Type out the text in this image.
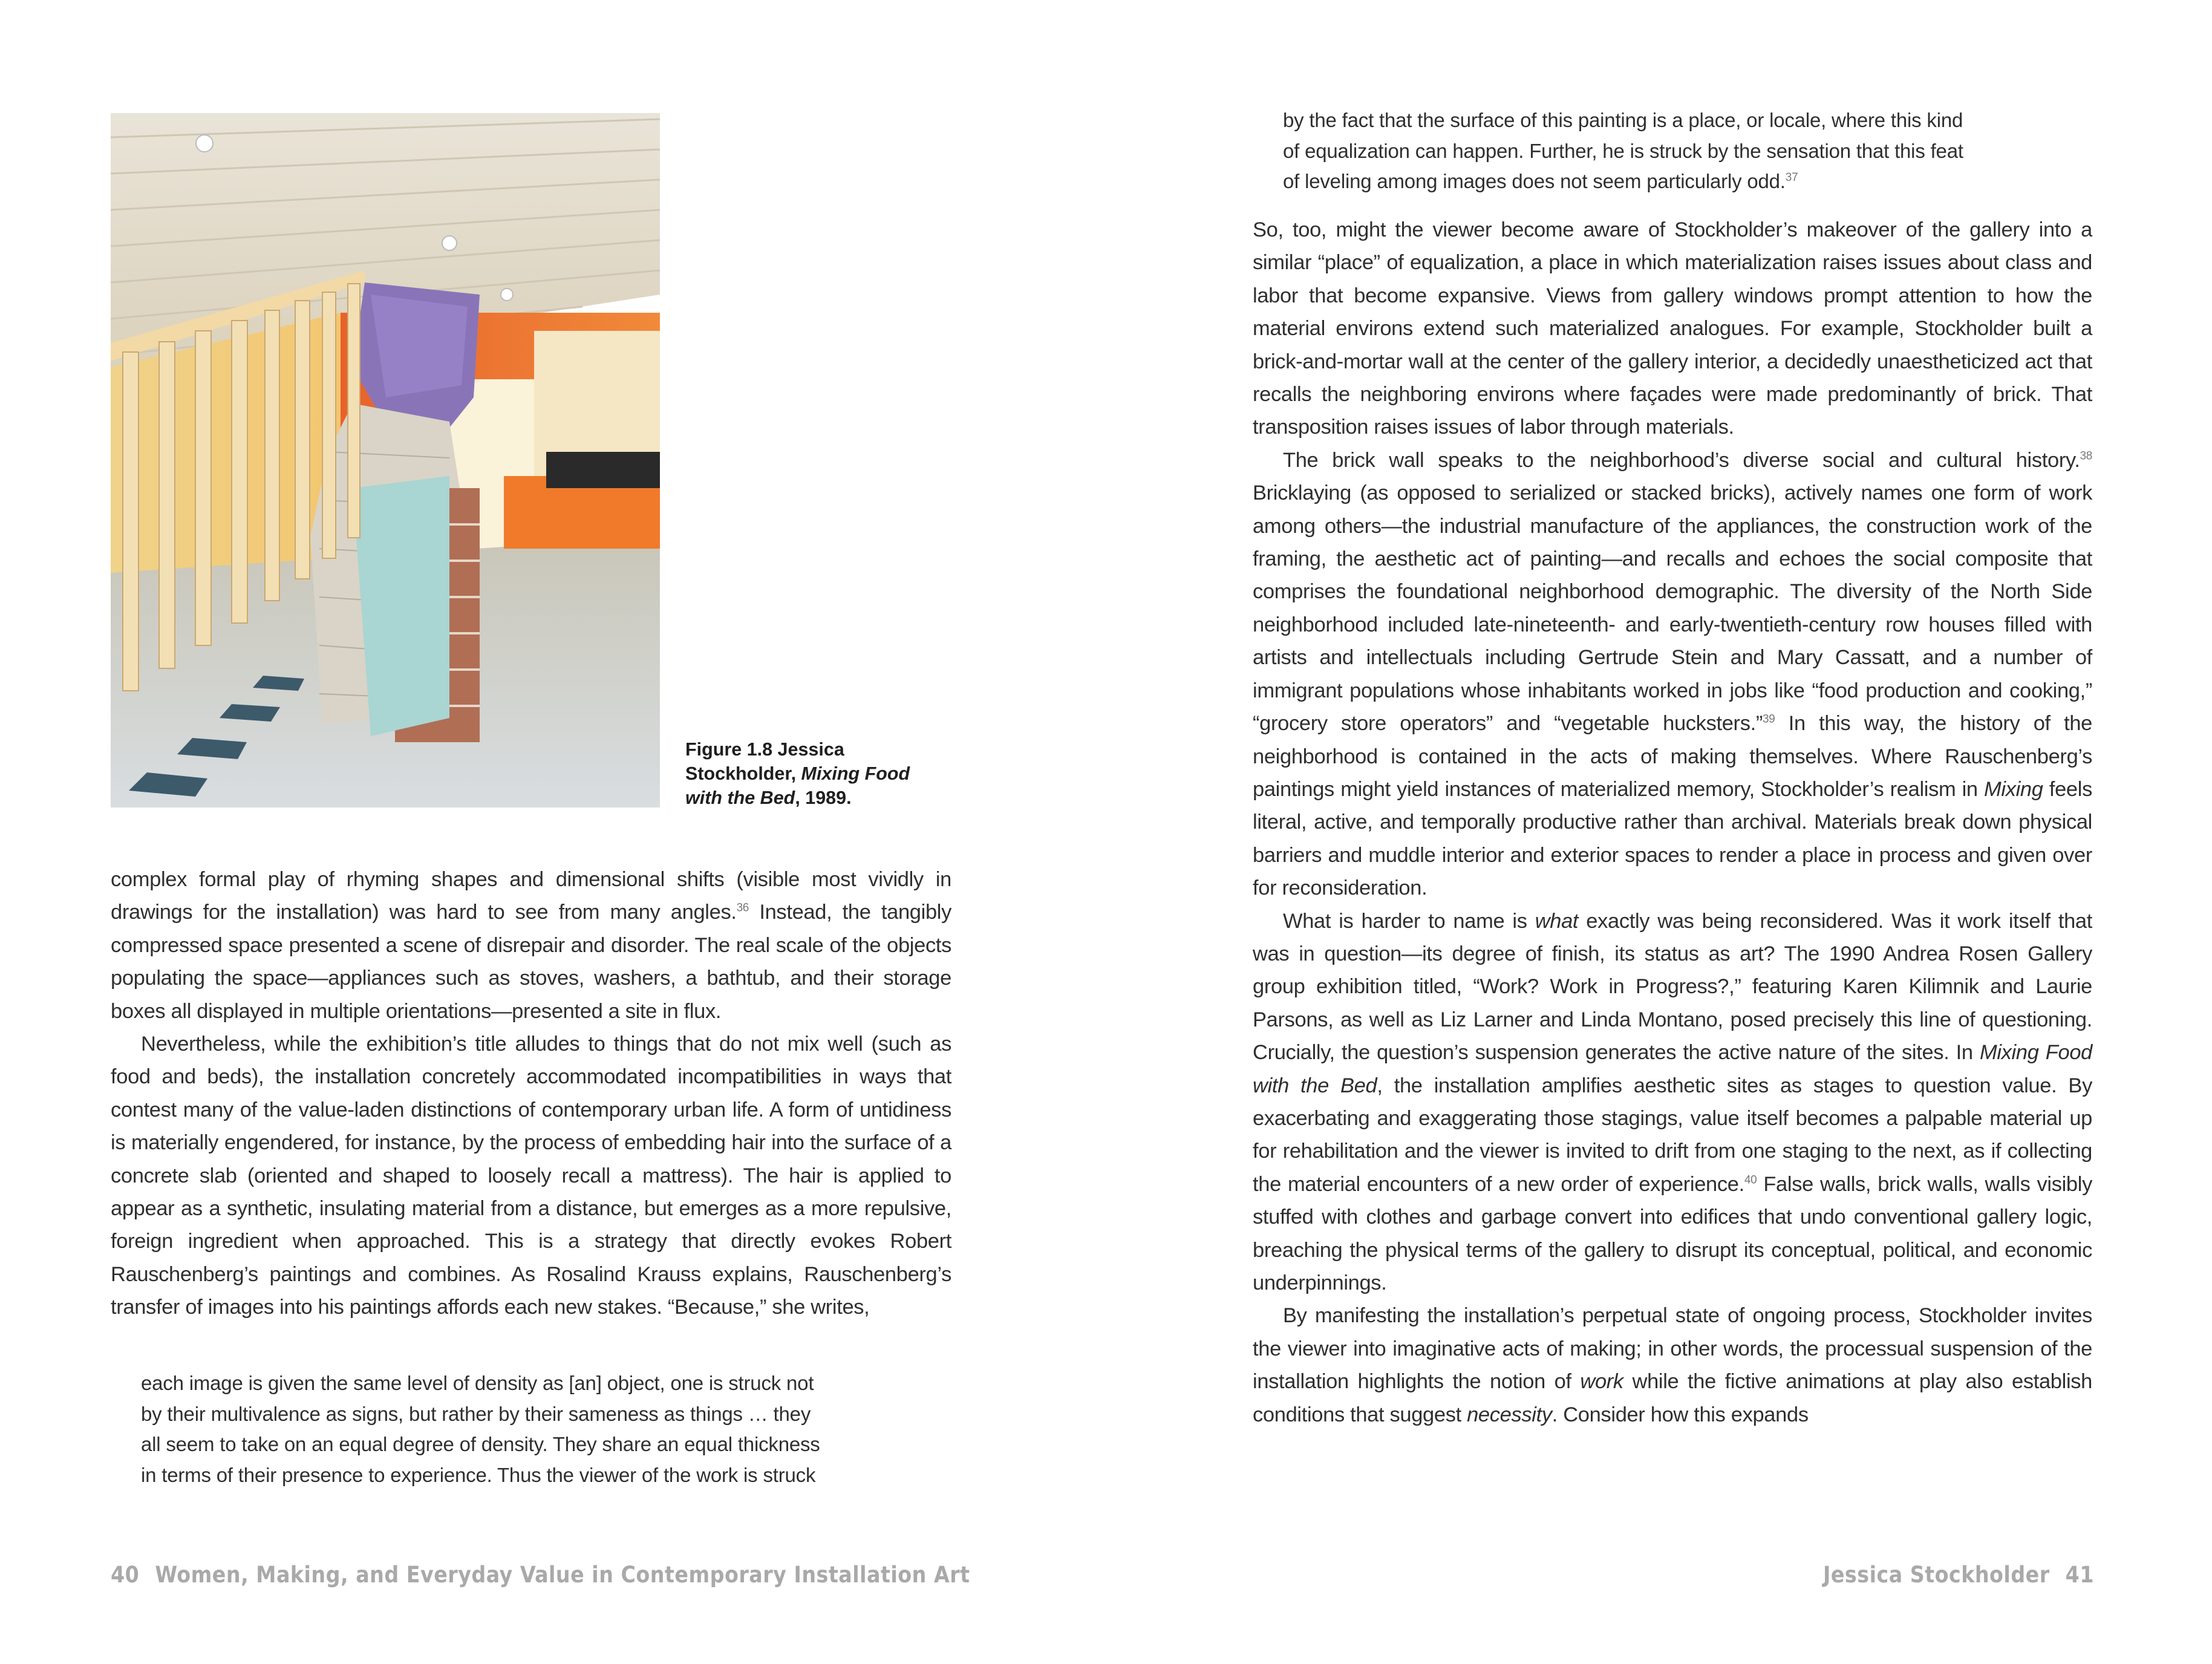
Figure 1.8 Jessica Stockholder, Mixing Food with the Bed, 1989.

complex formal play of rhyming shapes and dimensional shifts (visible most vividly in drawings for the installation) was hard to see from many angles.$^{36}$ Instead, the tangibly compressed space presented a scene of disrepair and disorder. The real scale of the objects populating the space—appliances such as stoves, washers, a bathtub, and their storage boxes all displayed in multiple orientations—presented a site in flux.

Nevertheless, while the exhibition’s title alludes to things that do not mix well (such as food and beds), the installation concretely accommodated incompatibilities in ways that contest many of the value-laden distinctions of contemporary urban life. A form of untidiness is materially engendered, for instance, by the process of embedding hair into the surface of a concrete slab (oriented and shaped to loosely recall a mattress). The hair is applied to appear as a synthetic, insulating material from a distance, but emerges as a more repulsive, foreign ingredient when approached. This is a strategy that directly evokes Robert Rauschenberg’s paintings and combines. As Rosalind Krauss explains, Rauschenberg’s transfer of images into his paintings affords each new stakes. “Because,” she writes,

each image is given the same level of density as [an] object, one is struck not
by their multivalence as signs, but rather by their sameness as things … they
all seem to take on an equal degree of density. They share an equal thickness
in terms of their presence to experience. Thus the viewer of the work is struck
40 Women, Making, and Everyday Value in Contemporary Installation Art
by the fact that the surface of this painting is a place, or locale, where this kind
of equalization can happen. Further, he is struck by the sensation that this feat
of leveling among images does not seem particularly odd.$^{37}$

So, too, might the viewer become aware of Stockholder’s makeover of the gallery into a similar “place” of equalization, a place in which materialization raises issues about class and labor that become expansive. Views from gallery windows prompt attention to how the material environs extend such materialized analogues. For example, Stockholder built a brick-and-mortar wall at the center of the gallery interior, a decidedly unaestheticized act that recalls the neighboring environs where façades were made predominantly of brick. That transposition raises issues of labor through materials.

The brick wall speaks to the neighborhood’s diverse social and cultural history.$^{38}$ Bricklaying (as opposed to serialized or stacked bricks), actively names one form of work among others—the industrial manufacture of the appliances, the construction work of the framing, the aesthetic act of painting—and recalls and echoes the social composite that comprises the foundational neighborhood demographic. The diversity of the North Side neighborhood included late-nineteenth- and early-twentieth-century row houses filled with artists and intellectuals including Gertrude Stein and Mary Cassatt, and a number of immigrant populations whose inhabitants worked in jobs like “food production and cooking,” “grocery store operators” and “vegetable hucksters.”$^{39}$ In this way, the history of the neighborhood is contained in the acts of making themselves. Where Rauschenberg’s paintings might yield instances of materialized memory, Stockholder’s realism in Mixing feels literal, active, and temporally productive rather than archival. Materials break down physical barriers and muddle interior and exterior spaces to render a place in process and given over for reconsideration.

What is harder to name is what exactly was being reconsidered. Was it work itself that was in question—its degree of finish, its status as art? The 1990 Andrea Rosen Gallery group exhibition titled, “Work? Work in Progress?,” featuring Karen Kilimnik and Laurie Parsons, as well as Liz Larner and Linda Montano, posed precisely this line of questioning. Crucially, the question’s suspension generates the active nature of the sites. In Mixing Food with the Bed, the installation amplifies aesthetic sites as stages to question value. By exacerbating and exaggerating those stagings, value itself becomes a palpable material up for rehabilitation and the viewer is invited to drift from one staging to the next, as if collecting the material encounters of a new order of experience.$^{40}$ False walls, brick walls, walls visibly stuffed with clothes and garbage convert into edifices that undo conventional gallery logic, breaching the physical terms of the gallery to disrupt its conceptual, political, and economic underpinnings.

By manifesting the installation’s perpetual state of ongoing process, Stockholder invites the viewer into imaginative acts of making; in other words, the processual suspension of the installation highlights the notion of work while the fictive animations at play also establish conditions that suggest necessity. Consider how this expands

Jessica Stockholder 41
